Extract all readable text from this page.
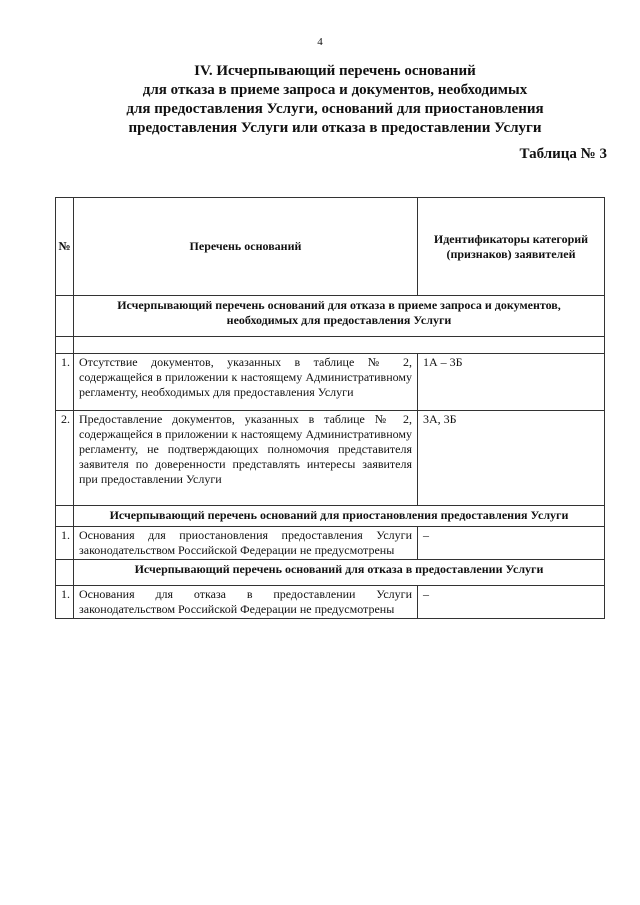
4
IV. Исчерпывающий перечень оснований
для отказа в приеме запроса и документов, необходимых
для предоставления Услуги, оснований для приостановления
предоставления Услуги или отказа в предоставлении Услуги
Таблица № 3
№	Перечень оснований	Идентификаторы категорий (признаков) заявителей
	Исчерпывающий перечень оснований для отказа в приеме запроса и документов, необходимых для предоставления Услуги	

1.	Отсутствие документов, указанных в таблице № 2, содержащейся в приложении к настоящему Административному регламенту, необходимых для предоставления Услуги	1А – 3Б
2.	Предоставление документов, указанных в таблице № 2, содержащейся в приложении к настоящему Административному регламенту, не подтверждающих полномочия представителя заявителя по доверенности представлять интересы заявителя при предоставлении Услуги	3А, 3Б
	Исчерпывающий перечень оснований для приостановления предоставления Услуги	
1.	Основания для приостановления предоставления Услуги законодательством Российской Федерации не предусмотрены	–
	Исчерпывающий перечень оснований для отказа в предоставлении Услуги	
1.	Основания для отказа в предоставлении Услуги законодательством Российской Федерации не предусмотрены	–
